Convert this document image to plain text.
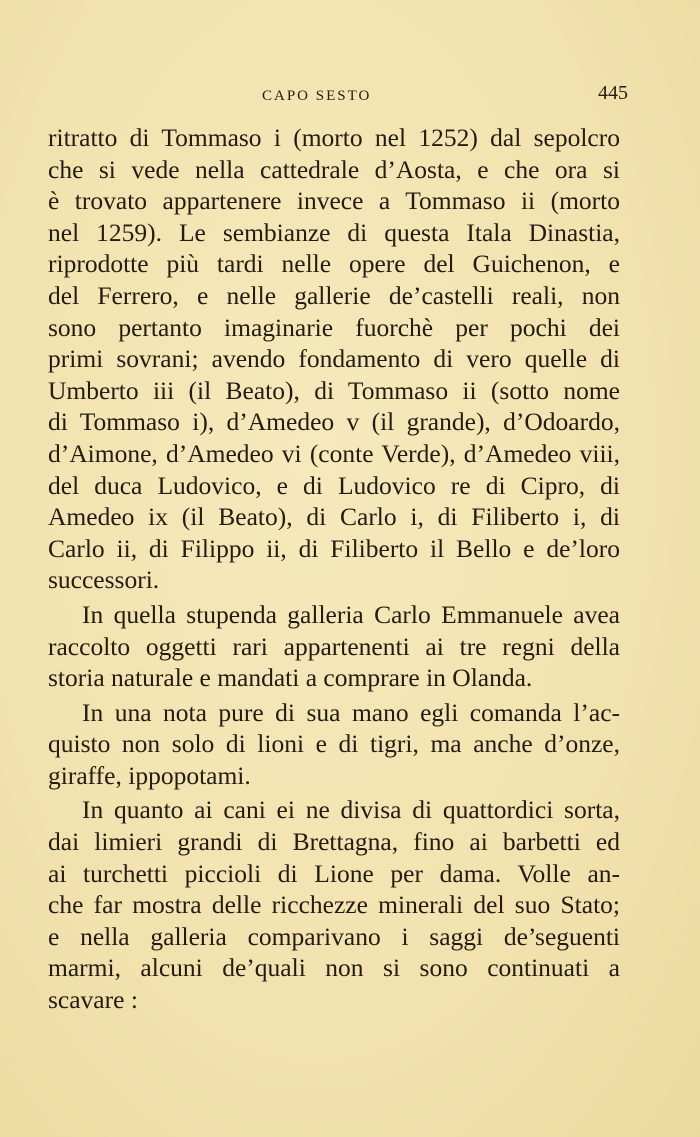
CAPO SESTO	445
ritratto di Tommaso i (morto nel 1252) dal sepolcro
che si vede nella cattedrale d’Aosta, e che ora si
è trovato appartenere invece a Tommaso ii (morto
nel 1259). Le sembianze di questa Itala Dinastia,
riprodotte più tardi nelle opere del Guichenon, e
del Ferrero, e nelle gallerie de’castelli reali, non
sono pertanto imaginarie fuorchè per pochi dei
primi sovrani; avendo fondamento di vero quelle di
Umberto iii (il Beato), di Tommaso ii (sotto nome
di Tommaso i), d’Amedeo v (il grande), d’Odoardo,
d’Aimone, d’Amedeo vi (conte Verde), d’Amedeo viii,
del duca Ludovico, e di Ludovico re di Cipro, di
Amedeo ix (il Beato), di Carlo i, di Filiberto i, di
Carlo ii, di Filippo ii, di Filiberto il Bello e de’loro
successori.
In quella stupenda galleria Carlo Emmanuele avea
raccolto oggetti rari appartenenti ai tre regni della
storia naturale e mandati a comprare in Olanda.
In una nota pure di sua mano egli comanda l’ac-
quisto non solo di lioni e di tigri, ma anche d’onze,
giraffe, ippopotami.
In quanto ai cani ei ne divisa di quattordici sorta,
dai limieri grandi di Brettagna, fino ai barbetti ed
ai turchetti piccioli di Lione per dama. Volle an-
che far mostra delle ricchezze minerali del suo Stato;
e nella galleria comparivano i saggi de’seguenti
marmi, alcuni de’quali non si sono continuati a
scavare :
